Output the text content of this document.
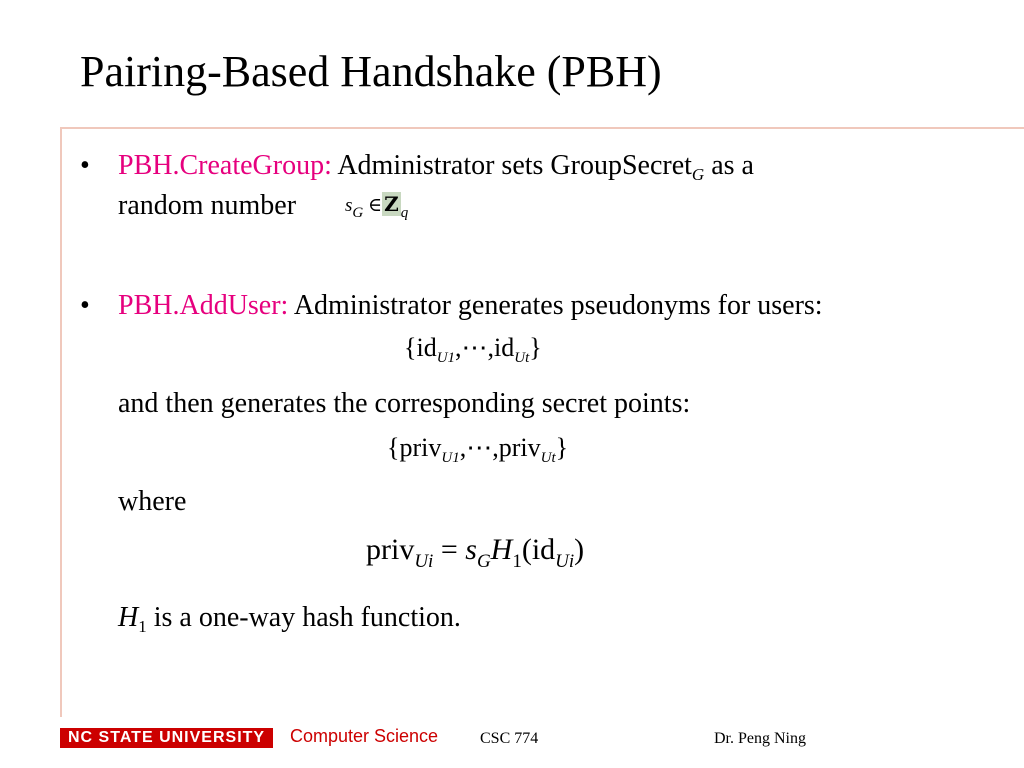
Pairing-Based Handshake (PBH)
• PBH.CreateGroup: Administrator sets GroupSecret$_G$ as a
random number	$s_G$ ∈ Z $_q$
• PBH.AddUser: Administrator generates pseudonyms for users:
$\{id_{U1},\cdots,id_{Ut}\}$
and then generates the corresponding secret points:
{priv$_{U1}$,⋯,priv$_{Ut}$}
where
priv$_{Ui}$ = $s_GH_1(id_{Ui})$
$H_1$ is a one-way hash function.
NC STATE UNIVERSITY	Computer Science	CSC 774	Dr. Peng Ning
